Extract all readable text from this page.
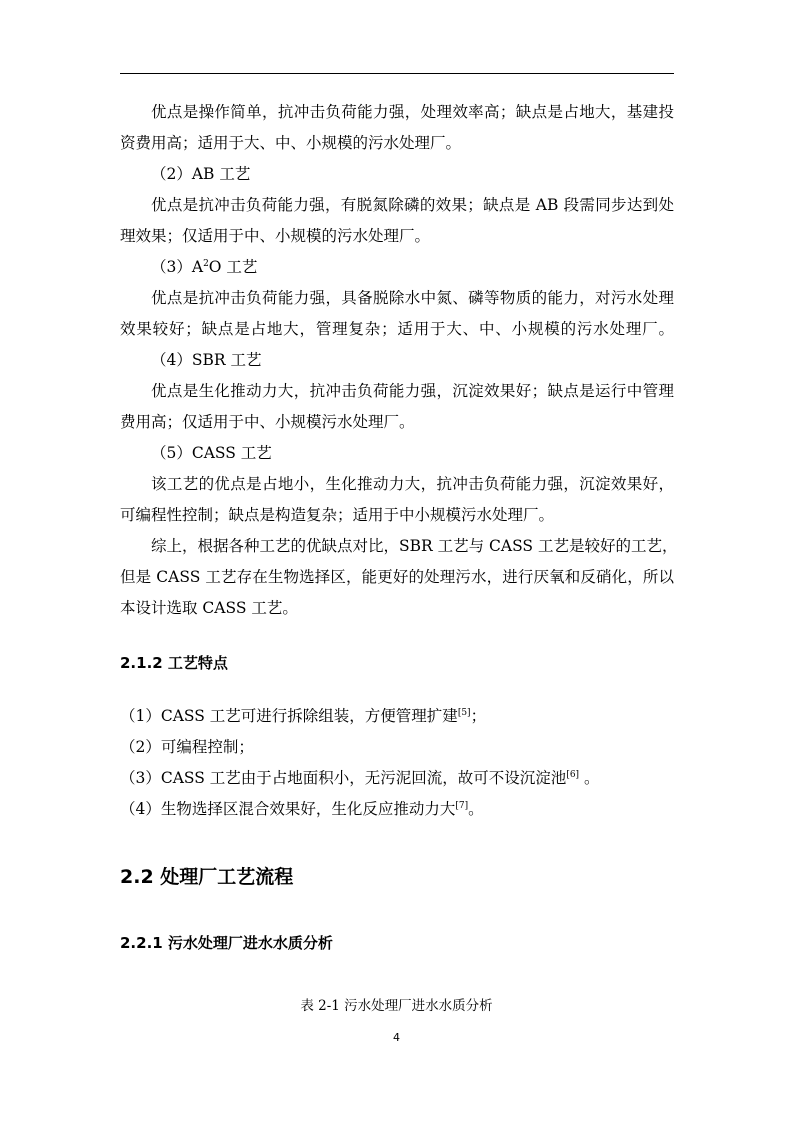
优点是操作简单，抗冲击负荷能力强，处理效率高；缺点是占地大，基建投

资费用高；适用于大、中、小规模的污水处理厂。

（2）AB 工艺

优点是抗冲击负荷能力强，有脱氮除磷的效果；缺点是 AB 段需同步达到处

理效果；仅适用于中、小规模的污水处理厂。

$(3)A^2O$ 工艺

优点是抗冲击负荷能力强，具备脱除水中氮、磷等物质的能力，对污水处理

效果较好；缺点是占地大，管理复杂；适用于大、中、小规模的污水处理厂。

（4）SBR 工艺

优点是生化推动力大，抗冲击负荷能力强，沉淀效果好；缺点是运行中管理

费用高；仅适用于中、小规模污水处理厂。

（5）CASS 工艺

该工艺的优点是占地小，生化推动力大，抗冲击负荷能力强，沉淀效果好，

可编程性控制；缺点是构造复杂；适用于中小规模污水处理厂。

综上，根据各种工艺的优缺点对比，SBR 工艺与 CASS 工艺是较好的工艺，

但是 CASS 工艺存在生物选择区，能更好的处理污水，进行厌氧和反硝化，所以

本设计选取 CASS 工艺。

2.1.2 工艺特点

（1）CASS 工艺可进行拆除组装，方便管理扩建[5]；

（2）可编程控制；

（3）CASS 工艺由于占地面积小，无污泥回流，故可不设沉淀池[6] 。

（4）生物选择区混合效果好，生化反应推动力大[7]。

2.2 处理厂工艺流程
2.2.1 污水处理厂进水水质分析

表 2-1 污水处理厂进水水质分析

4
